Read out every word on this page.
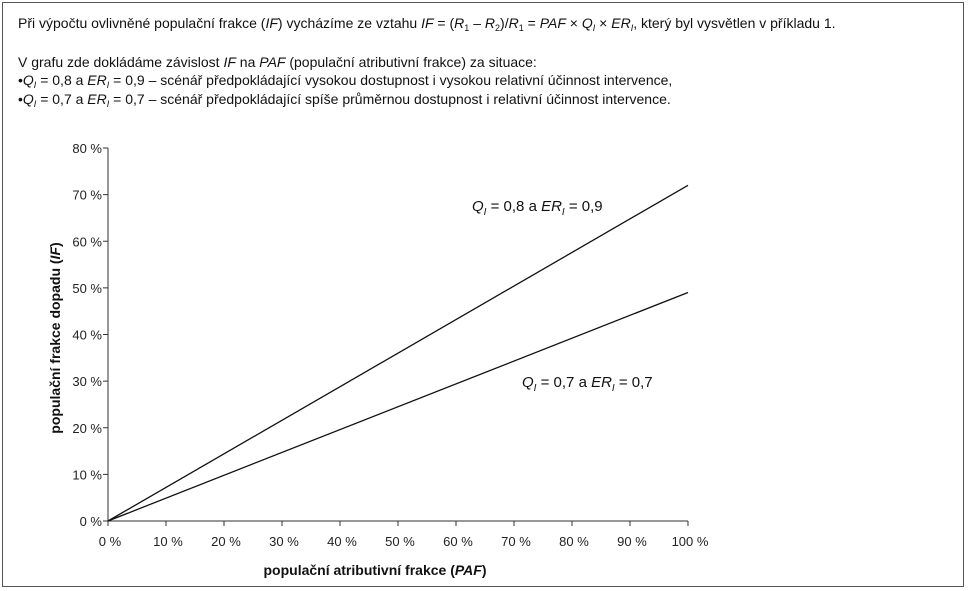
Při výpočtu ovlivněné populační frakce (IF) vycházíme ze vztahu IF = $(R_1 - R_2)/R_1$ = PAF × $Q_I \times ER_I$, který byl vysvětlen v příkladu 1.
V grafu zde dokládáme závislost IF na PAF (populační atributivní frakce) za situace:
$•Q_I = 0,8$ a $ER_I = 0,9$ – scénář předpokládající vysokou dostupnost i vysokou relativní účinnost intervence,
$•Q_I = 0,7$ a $ER_I = 0,7$ – scénář předpokládající spíše průměrnou dostupnost i relativní účinnost intervence.
0 % 10 % 20 % 30 % 40 % 50 % 60 % 70 % 80 % 90 % 100 %
0 %
10 %
20 %
30 %
40 %
50 %
60 %
70 %
80 %
populační atributivní frakce (PAF)
populační frakce dopadu (IF)
$Q_I = 0,8$ a $ER_I = 0,9$
$Q_I = 0,7$ a $ER_I = 0,7$
